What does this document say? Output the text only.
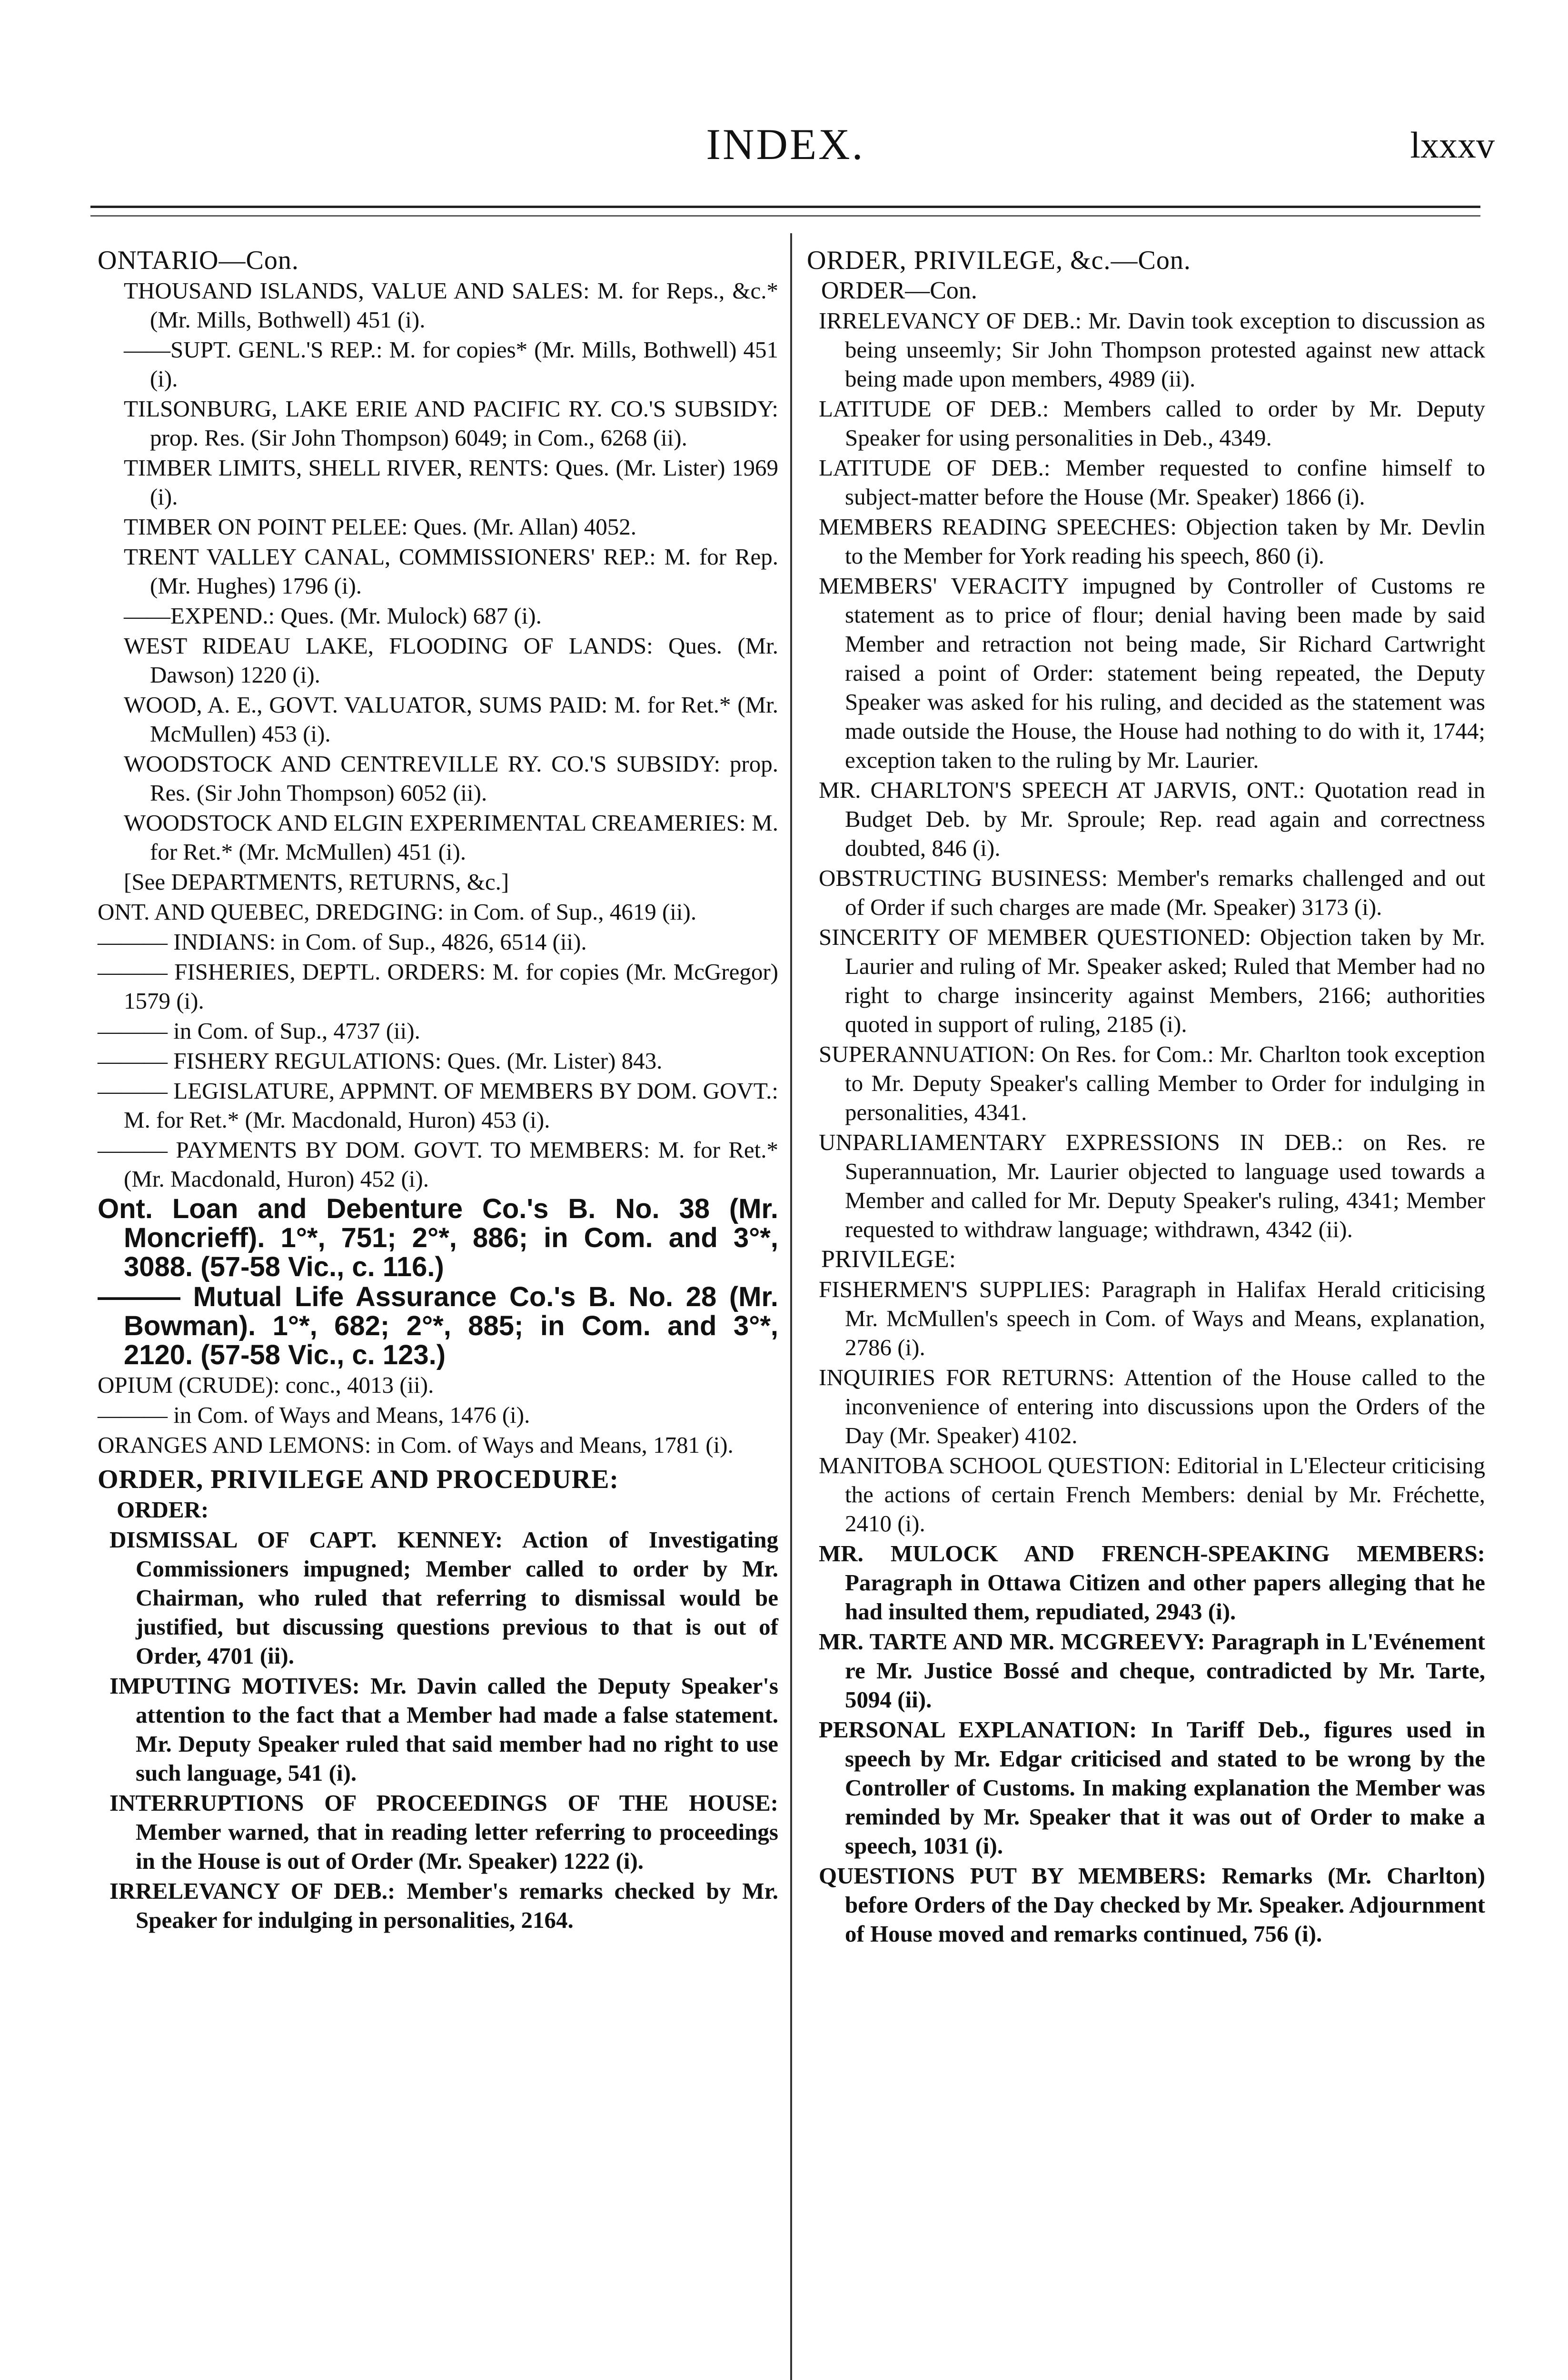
INDEX.	lxxxv
ONTARIO—Con.
THOUSAND ISLANDS, VALUE AND SALES: M. for Reps., &c.* (Mr. Mills, Bothwell) 451 (i).
——SUPT. GENL.'S REP.: M. for copies* (Mr. Mills, Bothwell) 451 (i).
TILSONBURG, LAKE ERIE AND PACIFIC RY. CO.'S SUBSIDY: prop. Res. (Sir John Thompson) 6049; in Com., 6268 (ii).
TIMBER LIMITS, SHELL RIVER, RENTS: Ques. (Mr. Lister) 1969 (i).
TIMBER ON POINT PELEE: Ques. (Mr. Allan) 4052.
TRENT VALLEY CANAL, COMMISSIONERS' REP.: M. for Rep. (Mr. Hughes) 1796 (i).
——EXPEND.: Ques. (Mr. Mulock) 687 (i).
WEST RIDEAU LAKE, FLOODING OF LANDS: Ques. (Mr. Dawson) 1220 (i).
WOOD, A. E., GOVT. VALUATOR, SUMS PAID: M. for Ret.* (Mr. McMullen) 453 (i).
WOODSTOCK AND CENTREVILLE RY. CO.'S SUBSIDY: prop. Res. (Sir John Thompson) 6052 (ii).
WOODSTOCK AND ELGIN EXPERIMENTAL CREAMERIES: M. for Ret.* (Mr. McMullen) 451 (i).
[See DEPARTMENTS, RETURNS, &c.]
ONT. AND QUEBEC, DREDGING: in Com. of Sup., 4619 (ii).
——— INDIANS: in Com. of Sup., 4826, 6514 (ii).
——— FISHERIES, DEPTL. ORDERS: M. for copies (Mr. McGregor) 1579 (i).
——— in Com. of Sup., 4737 (ii).
——— FISHERY REGULATIONS: Ques. (Mr. Lister) 843.
——— LEGISLATURE, APPMNT. OF MEMBERS BY DOM. GOVT.: M. for Ret.* (Mr. Macdonald, Huron) 453 (i).
——— PAYMENTS BY DOM. GOVT. TO MEMBERS: M. for Ret.* (Mr. Macdonald, Huron) 452 (i).
Ont. Loan and Debenture Co.'s B. No. 38 (Mr. Moncrieff). 1°*, 751; 2°*, 886; in Com. and 3°*, 3088. (57-58 Vic., c. 116.)
——— Mutual Life Assurance Co.'s B. No. 28 (Mr. Bowman). 1°*, 682; 2°*, 885; in Com. and 3°*, 2120. (57-58 Vic., c. 123.)
OPIUM (CRUDE): conc., 4013 (ii).
——— in Com. of Ways and Means, 1476 (i).
ORANGES AND LEMONS: in Com. of Ways and Means, 1781 (i).
ORDER, PRIVILEGE AND PROCEDURE:
ORDER:
DISMISSAL OF CAPT. KENNEY: Action of Investigating Commissioners impugned; Member called to order by Mr. Chairman, who ruled that referring to dismissal would be justified, but discussing questions previous to that is out of Order, 4701 (ii).
IMPUTING MOTIVES: Mr. Davin called the Deputy Speaker's attention to the fact that a Member had made a false statement. Mr. Deputy Speaker ruled that said member had no right to use such language, 541 (i).
INTERRUPTIONS OF PROCEEDINGS OF THE HOUSE: Member warned, that in reading letter referring to proceedings in the House is out of Order (Mr. Speaker) 1222 (i).
IRRELEVANCY OF DEB.: Member's remarks checked by Mr. Speaker for indulging in personalities, 2164.
ORDER, PRIVILEGE, &c.—Con.
ORDER—Con.
IRRELEVANCY OF DEB.: Mr. Davin took exception to discussion as being unseemly; Sir John Thompson protested against new attack being made upon members, 4989 (ii).
LATITUDE OF DEB.: Members called to order by Mr. Deputy Speaker for using personalities in Deb., 4349.
LATITUDE OF DEB.: Member requested to confine himself to subject-matter before the House (Mr. Speaker) 1866 (i).
MEMBERS READING SPEECHES: Objection taken by Mr. Devlin to the Member for York reading his speech, 860 (i).
MEMBERS' VERACITY impugned by Controller of Customs re statement as to price of flour; denial having been made by said Member and retraction not being made, Sir Richard Cartwright raised a point of Order: statement being repeated, the Deputy Speaker was asked for his ruling, and decided as the statement was made outside the House, the House had nothing to do with it, 1744; exception taken to the ruling by Mr. Laurier.
MR. CHARLTON'S SPEECH AT JARVIS, ONT.: Quotation read in Budget Deb. by Mr. Sproule; Rep. read again and correctness doubted, 846 (i).
OBSTRUCTING BUSINESS: Member's remarks challenged and out of Order if such charges are made (Mr. Speaker) 3173 (i).
SINCERITY OF MEMBER QUESTIONED: Objection taken by Mr. Laurier and ruling of Mr. Speaker asked; Ruled that Member had no right to charge insincerity against Members, 2166; authorities quoted in support of ruling, 2185 (i).
SUPERANNUATION: On Res. for Com.: Mr. Charlton took exception to Mr. Deputy Speaker's calling Member to Order for indulging in personalities, 4341.
UNPARLIAMENTARY EXPRESSIONS IN DEB.: on Res. re Superannuation, Mr. Laurier objected to language used towards a Member and called for Mr. Deputy Speaker's ruling, 4341; Member requested to withdraw language; withdrawn, 4342 (ii).
PRIVILEGE:
FISHERMEN'S SUPPLIES: Paragraph in Halifax Herald criticising Mr. McMullen's speech in Com. of Ways and Means, explanation, 2786 (i).
INQUIRIES FOR RETURNS: Attention of the House called to the inconvenience of entering into discussions upon the Orders of the Day (Mr. Speaker) 4102.
MANITOBA SCHOOL QUESTION: Editorial in L'Electeur criticising the actions of certain French Members: denial by Mr. Fréchette, 2410 (i).
MR. MULOCK AND FRENCH-SPEAKING MEMBERS: Paragraph in Ottawa Citizen and other papers alleging that he had insulted them, repudiated, 2943 (i).
MR. TARTE AND MR. MCGREEVY: Paragraph in L'Evénement re Mr. Justice Bossé and cheque, contradicted by Mr. Tarte, 5094 (ii).
PERSONAL EXPLANATION: In Tariff Deb., figures used in speech by Mr. Edgar criticised and stated to be wrong by the Controller of Customs. In making explanation the Member was reminded by Mr. Speaker that it was out of Order to make a speech, 1031 (i).
QUESTIONS PUT BY MEMBERS: Remarks (Mr. Charlton) before Orders of the Day checked by Mr. Speaker. Adjournment of House moved and remarks continued, 756 (i).
